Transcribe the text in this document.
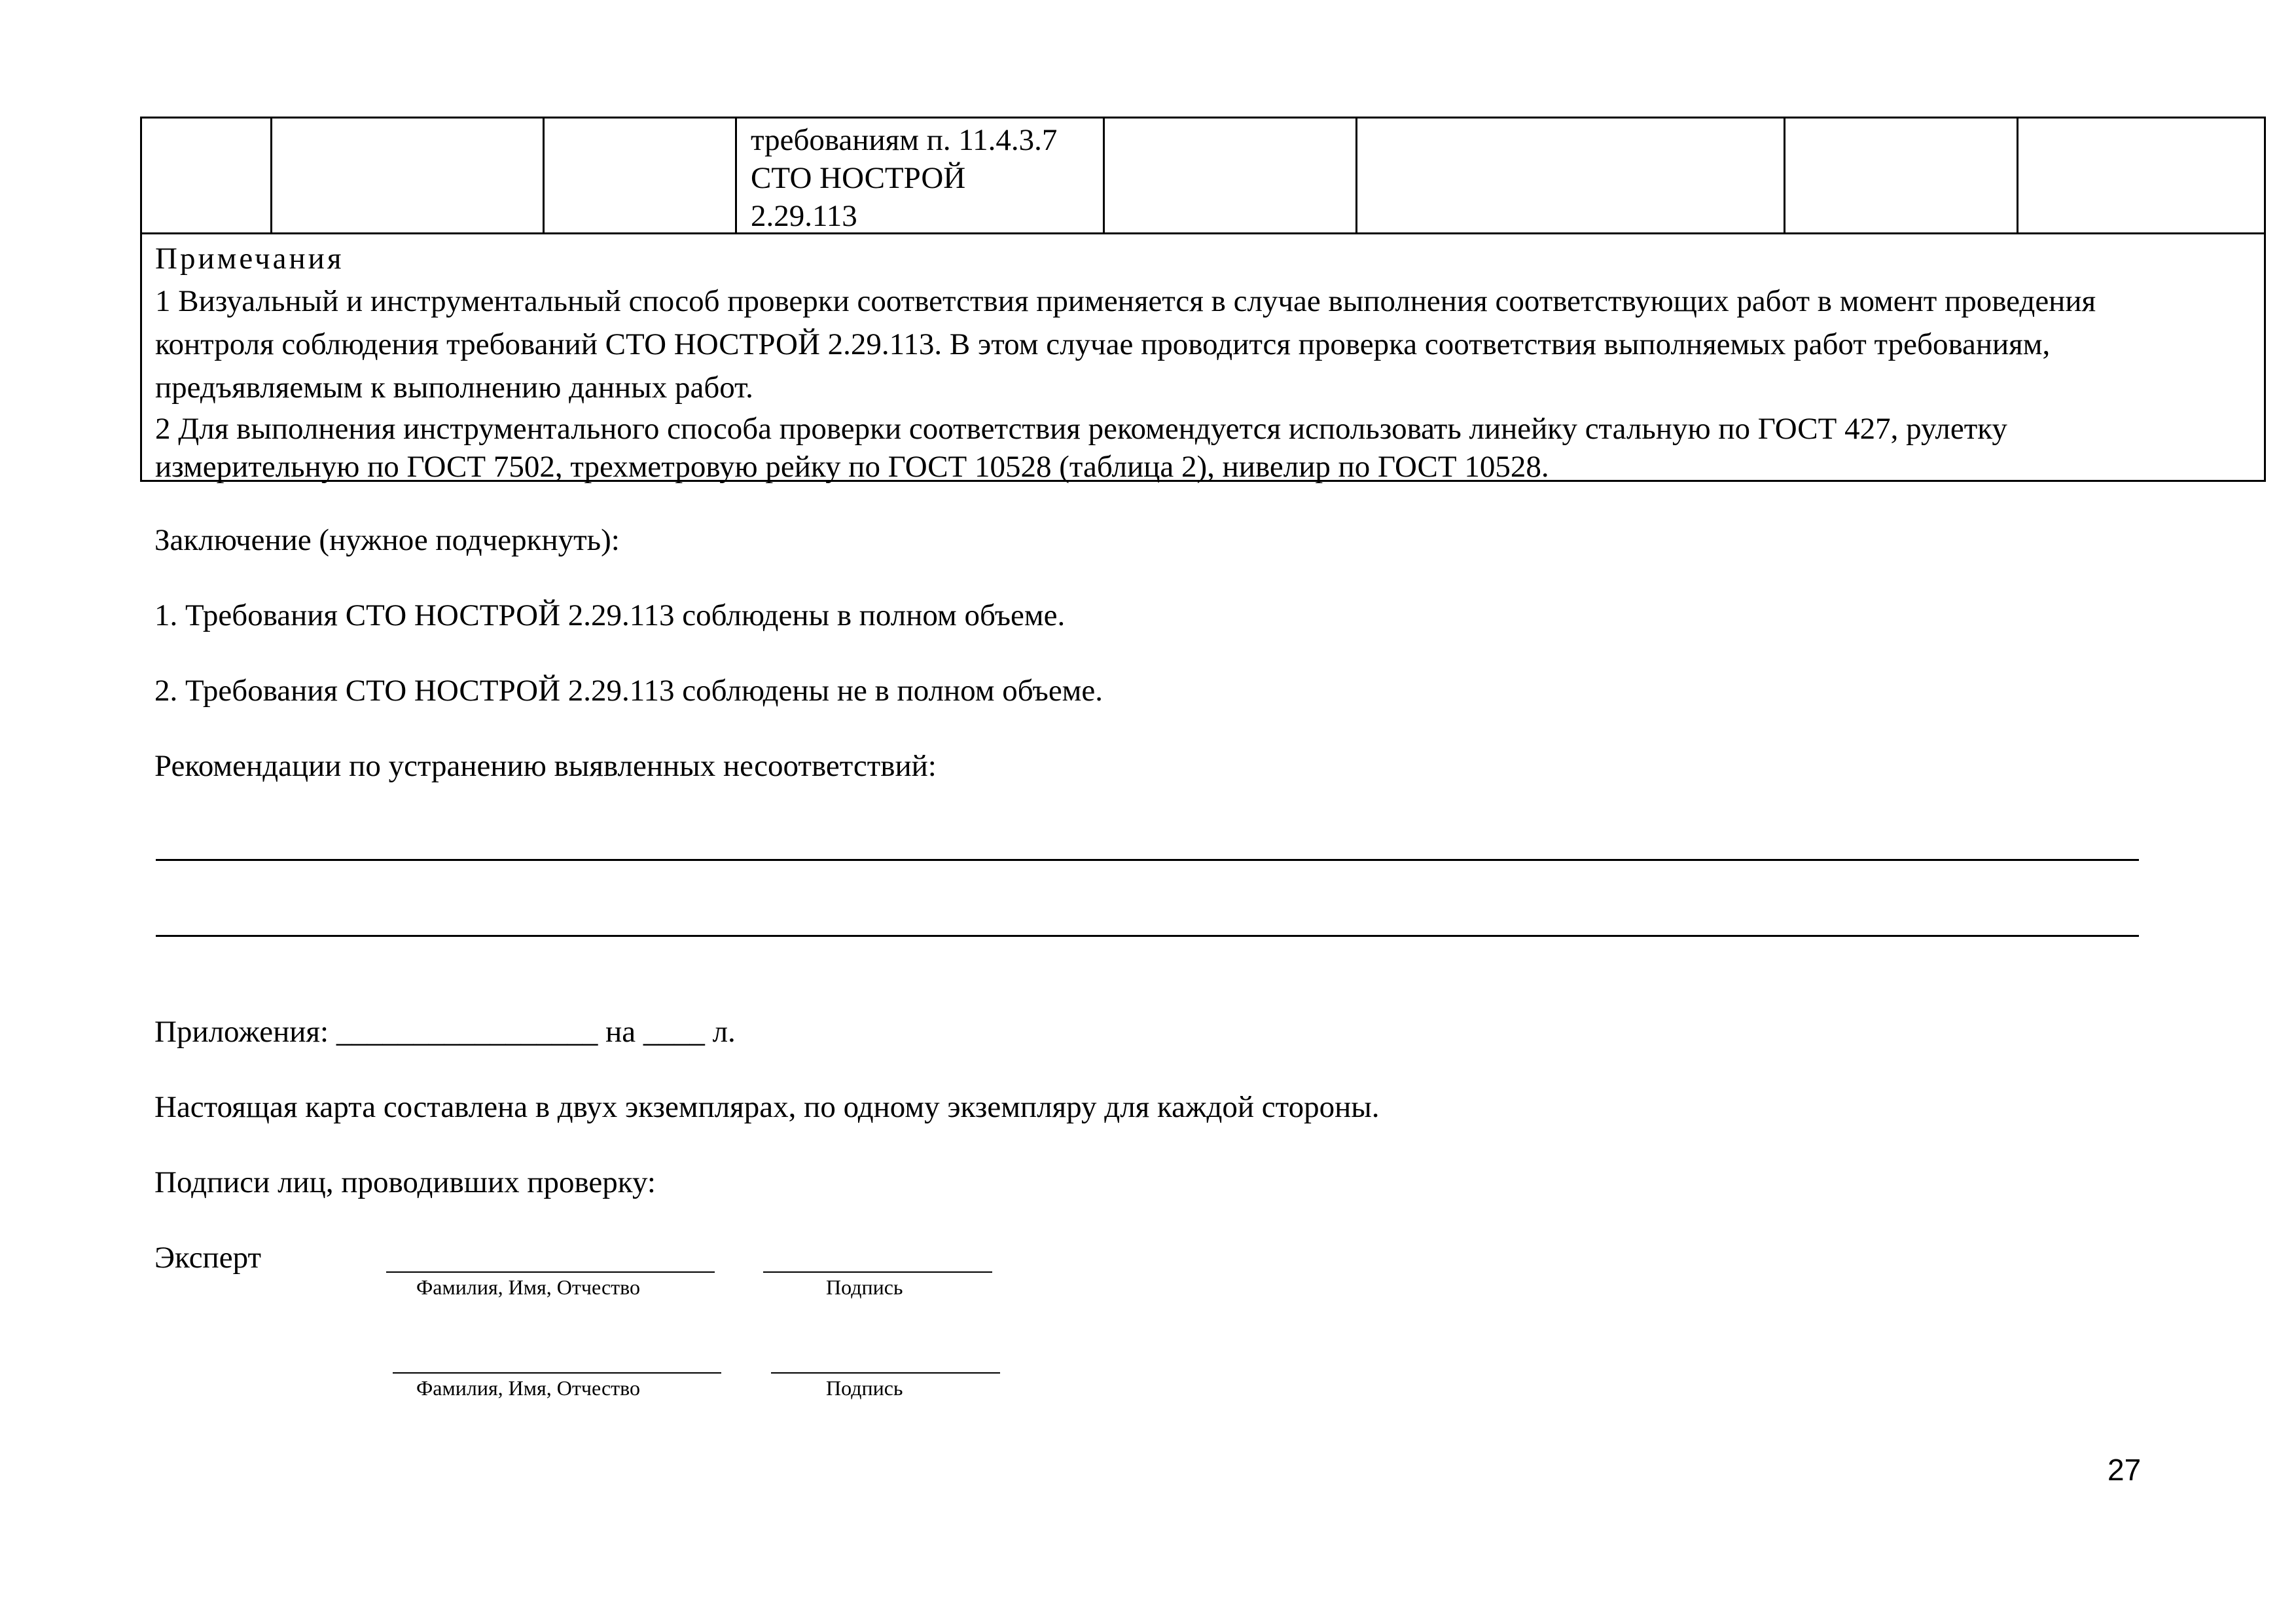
требованиям п. 11.4.3.7
СТО НОСТРОЙ
2.29.113
Примечания

1 Визуальный и инструментальный способ проверки соответствия применяется в случае выполнения соответствующих работ в момент проведения

контроля соблюдения требований СТО НОСТРОЙ 2.29.113. В этом случае проводится проверка соответствия выполняемых работ требованиям,

предъявляемым к выполнению данных работ.

2 Для выполнения инструментального способа проверки соответствия рекомендуется использовать линейку стальную по ГОСТ 427, рулетку

измерительную по ГОСТ 7502, трехметровую рейку по ГОСТ 10528 (таблица 2), нивелир по ГОСТ 10528.

Заключение (нужное подчеркнуть):
1. Требования СТО НОСТРОЙ 2.29.113 соблюдены в полном объеме.
2. Требования СТО НОСТРОЙ 2.29.113 соблюдены не в полном объеме.
Рекомендации по устранению выявленных несоответствий:
Приложения: _________________ на ____ л.
Настоящая карта составлена в двух экземплярах, по одному экземпляру для каждой стороны.
Подписи лиц, проводивших проверку:
Эксперт
Фамилия, Имя, Отчество	Подпись
Фамилия, Имя, Отчество	Подпись
27
